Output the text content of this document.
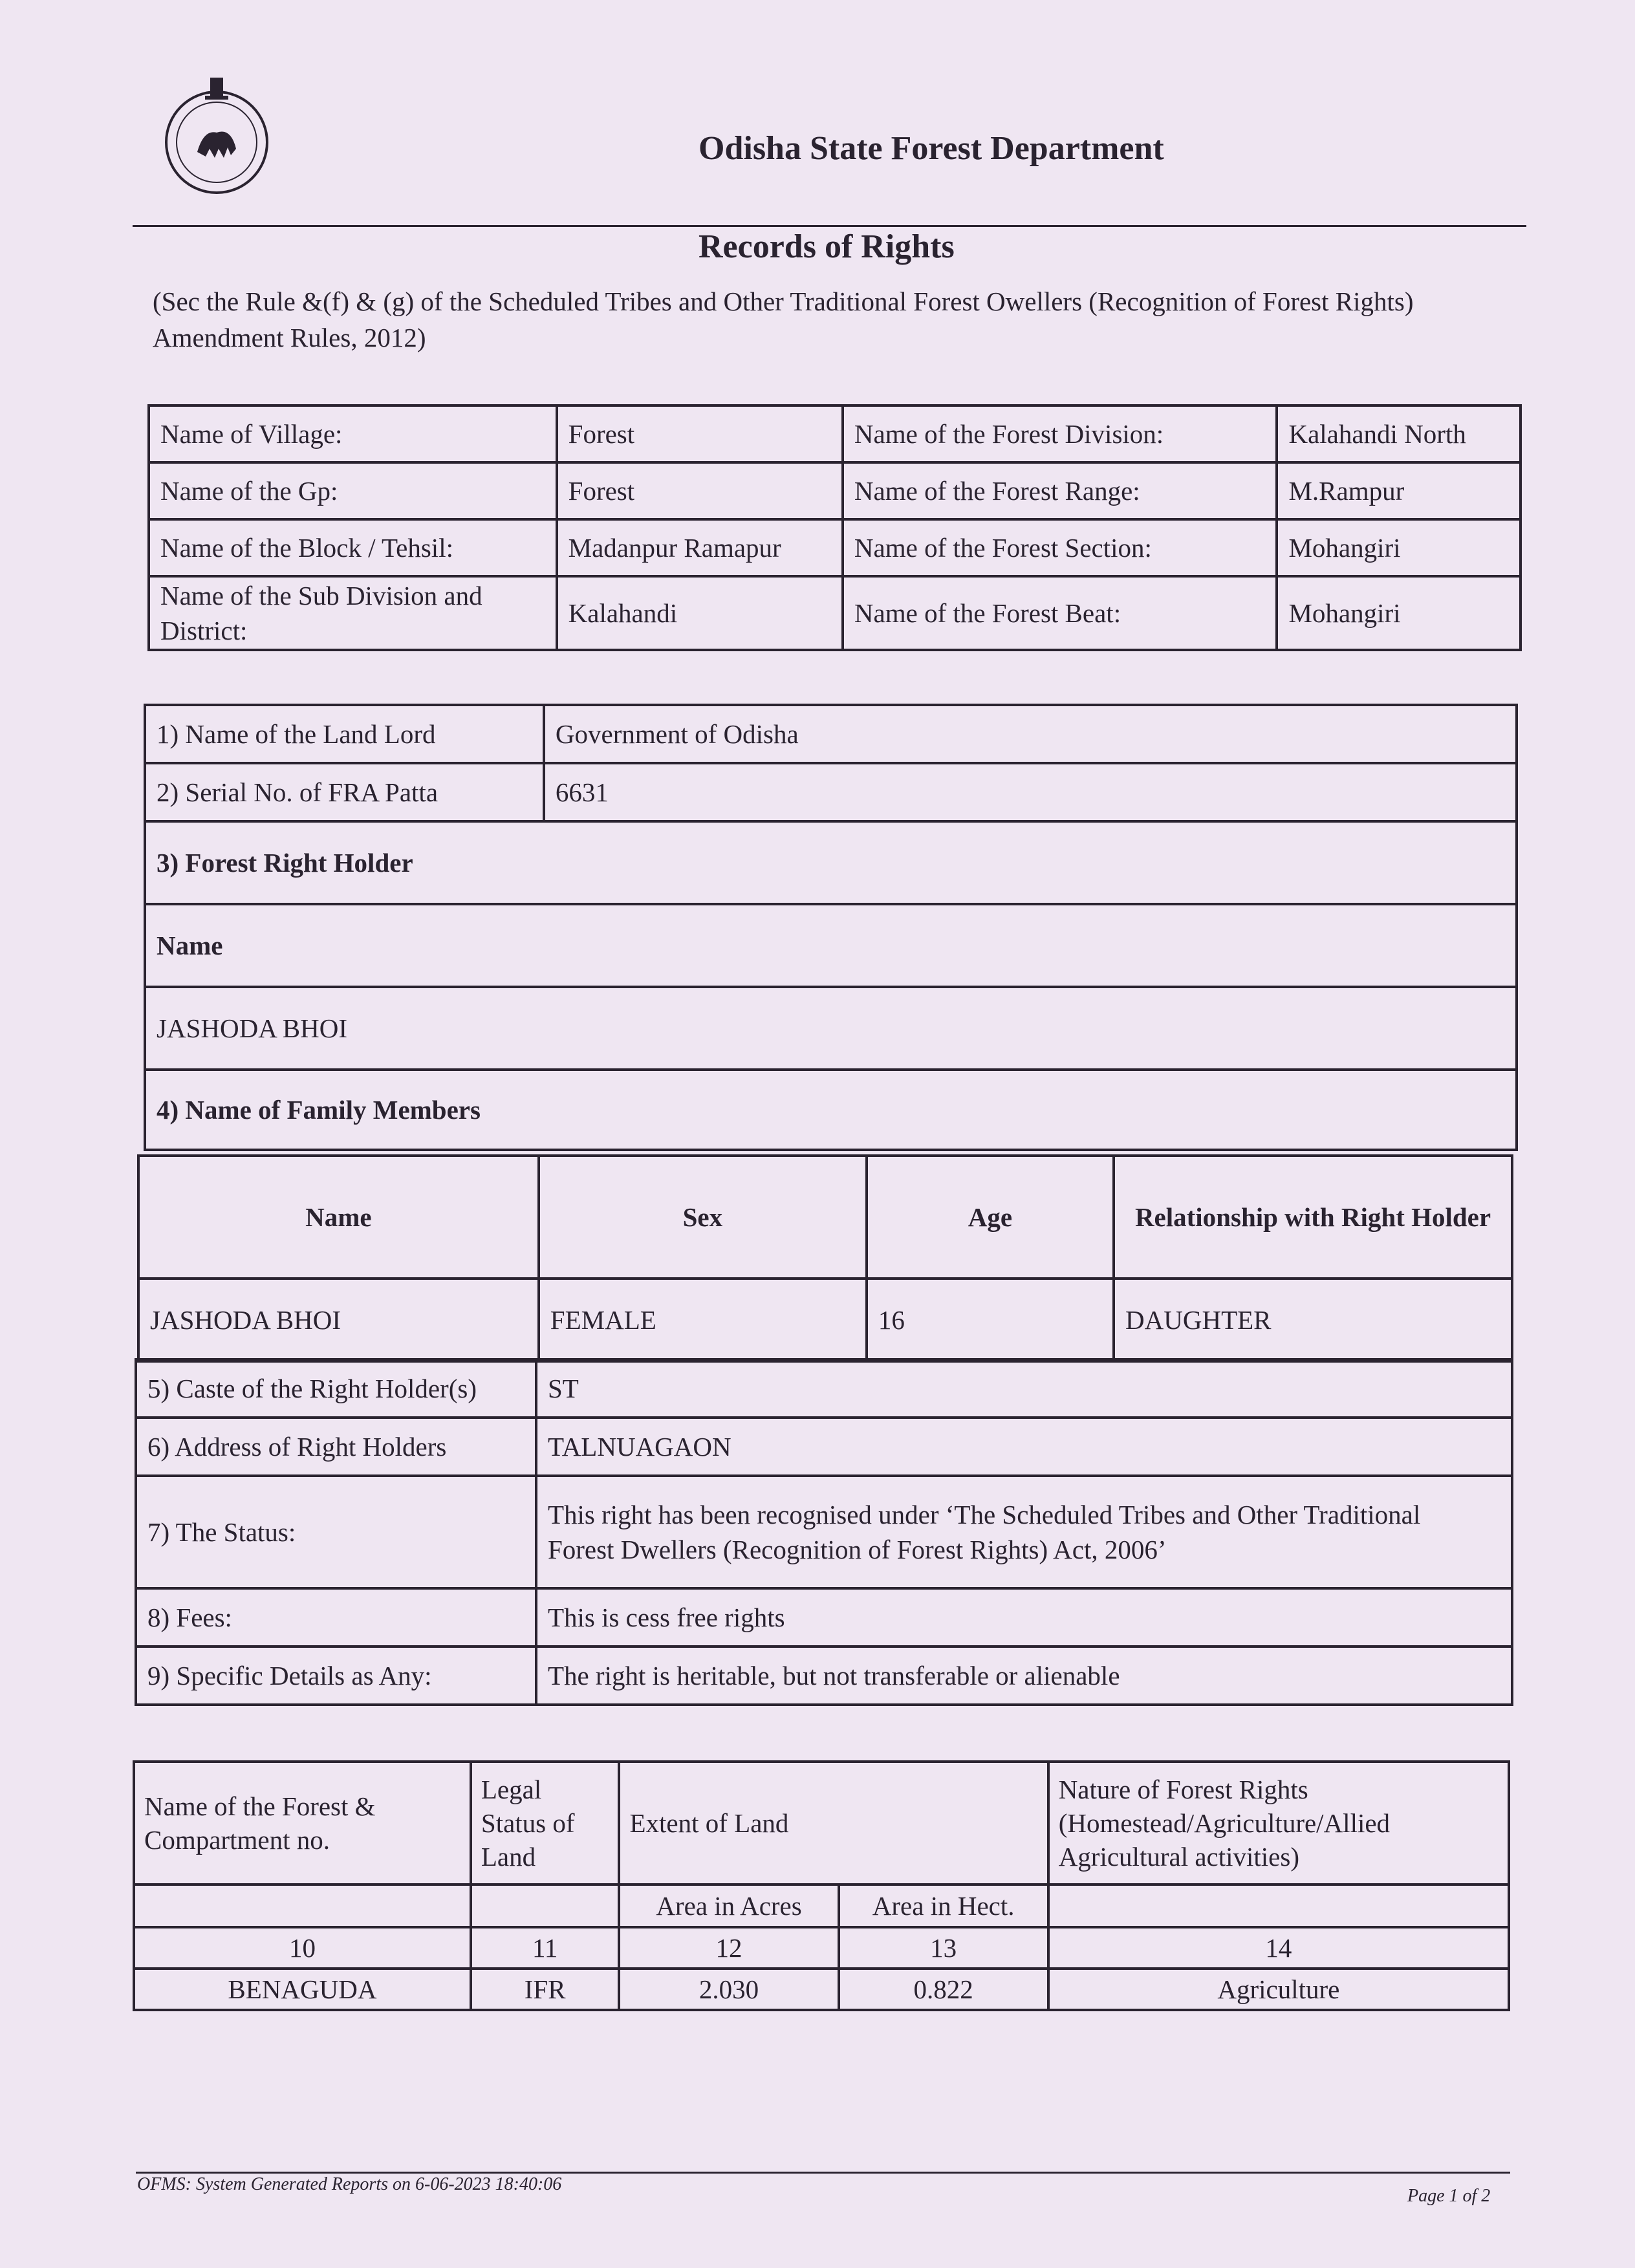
Odisha State Forest Department
Records of Rights
(Sec the Rule &(f) & (g) of the Scheduled Tribes and Other Traditional Forest Owellers (Recognition of Forest Rights) Amendment Rules, 2012)
Name of Village:	Forest	Name of the Forest Division:	Kalahandi North
Name of the Gp:	Forest	Name of the Forest Range:	M.Rampur
Name of the Block / Tehsil:	Madanpur Ramapur	Name of the Forest Section:	Mohangiri
Name of the Sub Division and District:	Kalahandi	Name of the Forest Beat:	Mohangiri
1) Name of the Land Lord	Government of Odisha
2) Serial No. of FRA Patta	6631
3) Forest Right Holder	
Name	
JASHODA BHOI	
4) Name of Family Members	
Name	Sex	Age	Relationship with Right Holder
JASHODA BHOI	FEMALE	16	DAUGHTER
5) Caste of the Right Holder(s)	ST
6) Address of Right Holders	TALNUAGAON
7) The Status:	This right has been recognised under ‘The Scheduled Tribes and Other Traditional
Forest Dwellers (Recognition of Forest Rights) Act, 2006’

8) Fees:	This is cess free rights
9) Specific Details as Any:	The right is heritable, but not transferable or alienable
Name of the Forest & Compartment no.	Legal Status of Land	Extent of Land		Nature of Forest Rights (Homestead/Agriculture/Allied Agricultural activities)
		Area in Acres	Area in Hect.	
10	11	12	13	14
BENAGUDA	IFR	2.030	0.822	Agriculture
OFMS: System Generated Reports on 6-06-2023 18:40:06
Page 1 of 2
